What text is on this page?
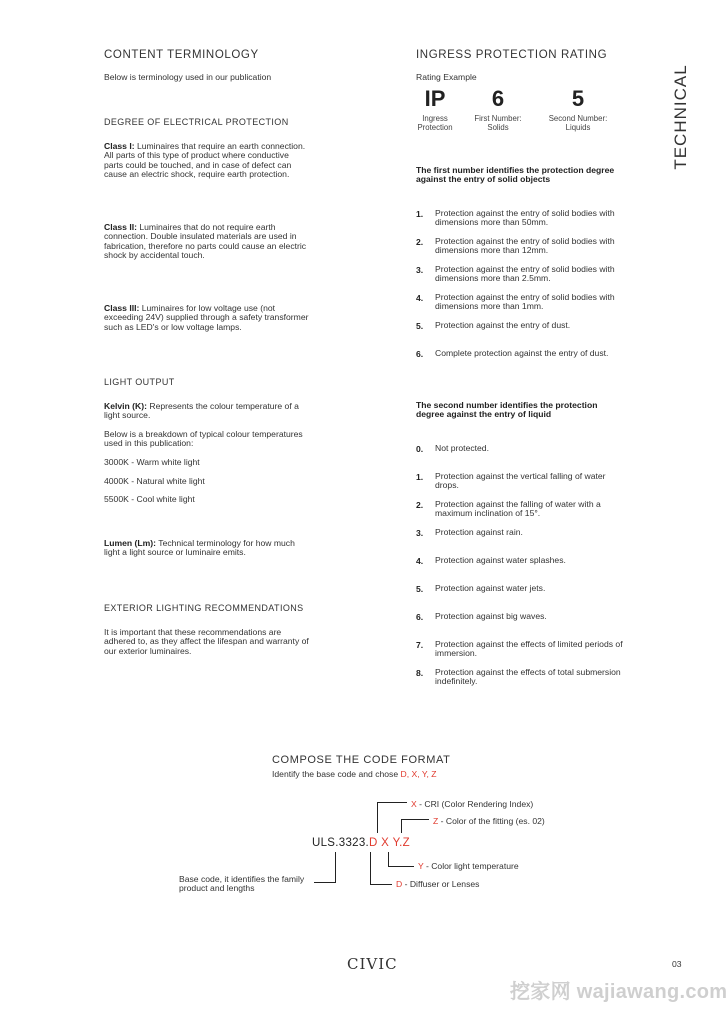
CONTENT TERMINOLOGY
Below is terminology used in our publication
DEGREE OF ELECTRICAL PROTECTION
Class I: Luminaires that require an earth connection. All parts of this type of product where conductive parts could be touched, and in case of defect can cause an electric shock, require earth protection.
Class II: Luminaires that do not require earth connection. Double insulated materials are used in fabrication, therefore no parts could cause an electric shock by accidental touch.
Class III: Luminaires for low voltage use (not exceeding 24V) supplied through a safety transformer such as LED's or low voltage lamps.
LIGHT OUTPUT
Kelvin (K): Represents the colour temperature of a light source.
Below is a breakdown of typical colour temperatures used in this publication:
3000K - Warm white light
4000K - Natural white light
5500K - Cool white light
Lumen (Lm): Technical terminology for how much light a light source or luminaire emits.
EXTERIOR LIGHTING RECOMMENDATIONS
It is important that these recommendations are adhered to, as they affect the lifespan and warranty of our exterior luminaires.
INGRESS PROTECTION RATING
Rating Example
IP	6	5
Ingress Protection
First Number: Solids
Second Number: Liquids
The first number identifies the protection degree against the entry of solid objects
1. Protection against the entry of solid bodies with dimensions more than 50mm.
2. Protection against the entry of solid bodies with dimensions more than 12mm.
3. Protection against the entry of solid bodies with dimensions more than 2.5mm.
4. Protection against the entry of solid bodies with dimensions more than 1mm.
5. Protection against the entry of dust.
6. Complete protection against the entry of dust.
The second number identifies the protection degree against the entry of liquid
0. Not protected.
1. Protection against the vertical falling of water drops.
2. Protection against the falling of water with a maximum inclination of 15°.
3. Protection against rain.
4. Protection against water splashes.
5. Protection against water jets.
6. Protection against big waves.
7. Protection against the effects of limited periods of immersion.
8. Protection against the effects of total submersion indefinitely.
TECHNICAL
COMPOSE THE CODE FORMAT
Identify the base code and chose D, X, Y, Z
ULS.3323.D X Y.Z
X - CRI (Color Rendering Index)
Z - Color of the fitting (es. 02)
Y - Color light temperature
D - Diffuser or Lenses
Base code, it identifies the family product and lengths
CIVIC	03
挖家网 wajiawang.com
